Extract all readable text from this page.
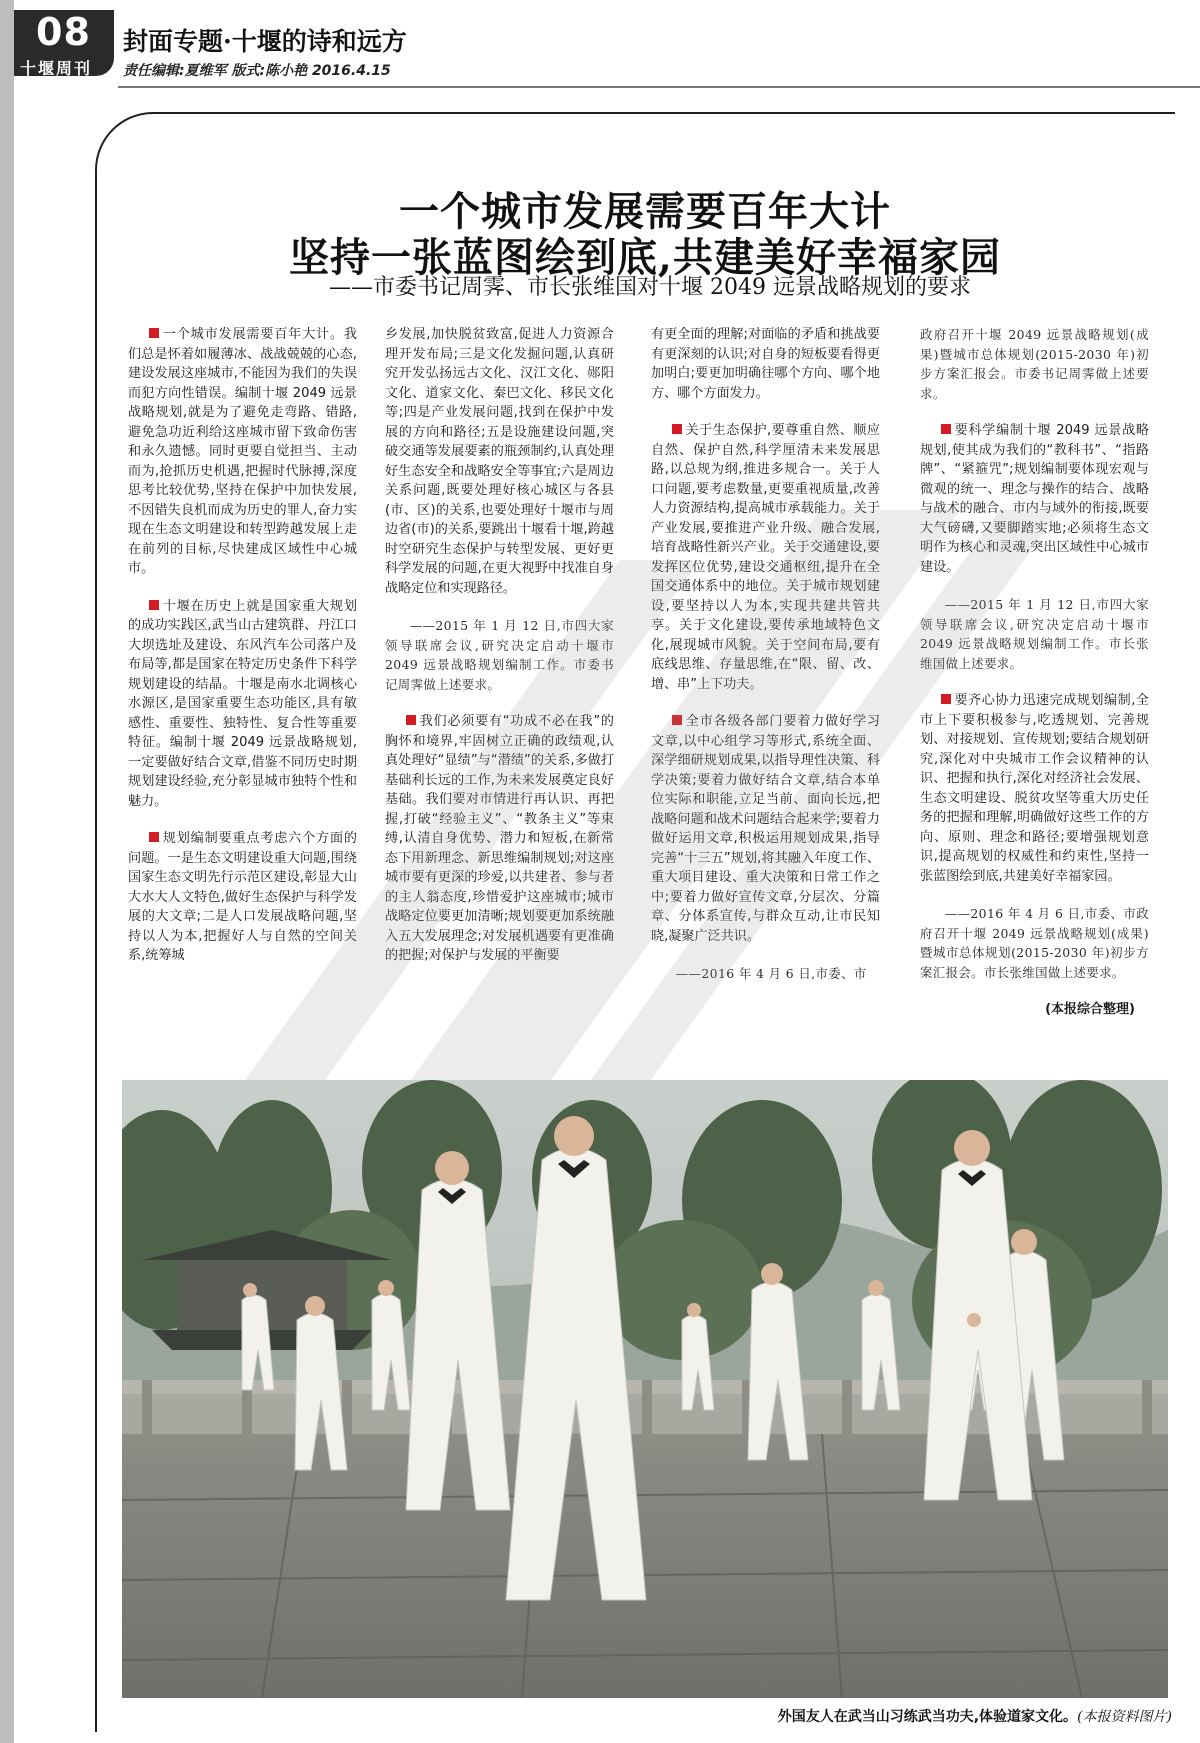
08
十堰周刊
封面专题·十堰的诗和远方
责任编辑:夏维军 版式:陈小艳 2016.4.15
一个城市发展需要百年大计
坚持一张蓝图绘到底,共建美好幸福家园
——市委书记周霁、市长张维国对十堰 2049 远景战略规划的要求

一个城市发展需要百年大计。我们总是怀着如履薄冰、战战兢兢的心态,建设发展这座城市,不能因为我们的失误而犯方向性错误。编制十堰 2049 远景战略规划,就是为了避免走弯路、错路,避免急功近利给这座城市留下致命伤害和永久遗憾。同时更要自觉担当、主动而为,抢抓历史机遇,把握时代脉搏,深度思考比较优势,坚持在保护中加快发展,不因错失良机而成为历史的罪人,奋力实现在生态文明建设和转型跨越发展上走在前列的目标,尽快建成区域性中心城市。

十堰在历史上就是国家重大规划的成功实践区,武当山古建筑群、丹江口大坝选址及建设、东风汽车公司落户及布局等,都是国家在特定历史条件下科学规划建设的结晶。十堰是南水北调核心水源区,是国家重要生态功能区,具有敏感性、重要性、独特性、复合性等重要特征。编制十堰 2049 远景战略规划,一定要做好结合文章,借鉴不同历史时期规划建设经验,充分彰显城市独特个性和魅力。

规划编制要重点考虑六个方面的问题。一是生态文明建设重大问题,围绕国家生态文明先行示范区建设,彰显大山大水大人文特色,做好生态保护与科学发展的大文章;二是人口发展战略问题,坚持以人为本,把握好人与自然的空间关系,统筹城

乡发展,加快脱贫致富,促进人力资源合理开发布局;三是文化发掘问题,认真研究开发弘扬远古文化、汉江文化、郧阳文化、道家文化、秦巴文化、移民文化等;四是产业发展问题,找到在保护中发展的方向和路径;五是设施建设问题,突破交通等发展要素的瓶颈制约,认真处理好生态安全和战略安全等事宜;六是周边关系问题,既要处理好核心城区与各县(市、区)的关系,也要处理好十堰市与周边省(市)的关系,要跳出十堰看十堰,跨越时空研究生态保护与转型发展、更好更科学发展的问题,在更大视野中找准自身战略定位和实现路径。

——2015 年 1 月 12 日,市四大家领导联席会议,研究决定启动十堰市 2049 远景战略规划编制工作。市委书记周霁做上述要求。

我们必须要有“功成不必在我”的胸怀和境界,牢固树立正确的政绩观,认真处理好“显绩”与“潜绩”的关系,多做打基础利长远的工作,为未来发展奠定良好基础。我们要对市情进行再认识、再把握,打破“经验主义”、“教条主义”等束缚,认清自身优势、潜力和短板,在新常态下用新理念、新思维编制规划;对这座城市要有更深的珍爱,以共建者、参与者的主人翁态度,珍惜爱护这座城市;城市战略定位要更加清晰;规划要更加系统融入五大发展理念;对发展机遇要有更准确的把握;对保护与发展的平衡要

有更全面的理解;对面临的矛盾和挑战要有更深刻的认识;对自身的短板要看得更加明白;要更加明确往哪个方向、哪个地方、哪个方面发力。

关于生态保护,要尊重自然、顺应自然、保护自然,科学厘清未来发展思路,以总规为纲,推进多规合一。关于人口问题,要考虑数量,更要重视质量,改善人力资源结构,提高城市承载能力。关于产业发展,要推进产业升级、融合发展,培育战略性新兴产业。关于交通建设,要发挥区位优势,建设交通枢纽,提升在全国交通体系中的地位。关于城市规划建设,要坚持以人为本,实现共建共管共享。关于文化建设,要传承地域特色文化,展现城市风貌。关于空间布局,要有底线思维、存量思维,在“限、留、改、增、串”上下功夫。

全市各级各部门要着力做好学习文章,以中心组学习等形式,系统全面、深学细研规划成果,以指导理性决策、科学决策;要着力做好结合文章,结合本单位实际和职能,立足当前、面向长远,把战略问题和战术问题结合起来学;要着力做好运用文章,积极运用规划成果,指导完善“十三五”规划,将其融入年度工作、重大项目建设、重大决策和日常工作之中;要着力做好宣传文章,分层次、分篇章、分体系宣传,与群众互动,让市民知晓,凝聚广泛共识。

——2016 年 4 月 6 日,市委、市

政府召开十堰 2049 远景战略规划(成果)暨城市总体规划(2015-2030 年)初步方案汇报会。市委书记周霁做上述要求。

要科学编制十堰 2049 远景战略规划,使其成为我们的“教科书”、“指路牌”、“紧箍咒”;规划编制要体现宏观与微观的统一、理念与操作的结合、战略与战术的融合、市内与域外的衔接,既要大气磅礴,又要脚踏实地;必须将生态文明作为核心和灵魂,突出区域性中心城市建设。

——2015 年 1 月 12 日,市四大家领导联席会议,研究决定启动十堰市 2049 远景战略规划编制工作。市长张维国做上述要求。

要齐心协力迅速完成规划编制,全市上下要积极参与,吃透规划、完善规划、对接规划、宣传规划;要结合规划研究,深化对中央城市工作会议精神的认识、把握和执行,深化对经济社会发展、生态文明建设、脱贫攻坚等重大历史任务的把握和理解,明确做好这些工作的方向、原则、理念和路径;要增强规划意识,提高规划的权威性和约束性,坚持一张蓝图绘到底,共建美好幸福家园。

——2016 年 4 月 6 日,市委、市政府召开十堰 2049 远景战略规划(成果)暨城市总体规划(2015-2030 年)初步方案汇报会。市长张维国做上述要求。

(本报综合整理)

外国友人在武当山习练武当功夫,体验道家文化。(本报资料图片)
